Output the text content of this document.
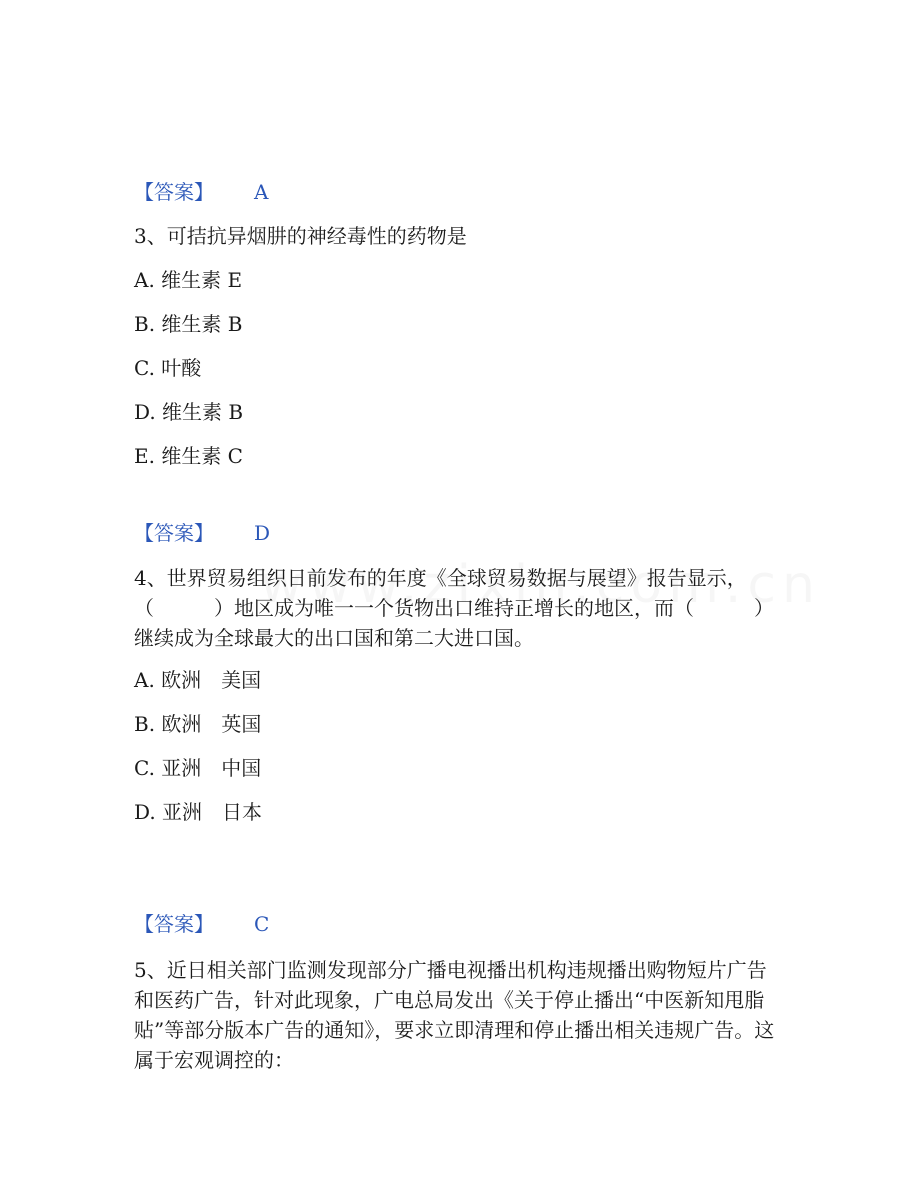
【答案】 A
3、可拮抗异烟肼的神经毒性的药物是
A. 维生素 E
B. 维生素 B
C. 叶酸
D. 维生素 B
E. 维生素 C
【答案】 D
4、世界贸易组织日前发布的年度《全球贸易数据与展望》报告显示，（　　　）地区成为唯一一个货物出口维持正增长的地区，而（　　　）继续成为全球最大的出口国和第二大进口国。
A. 欧洲　美国
B. 欧洲　英国
C. 亚洲　中国
D. 亚洲　日本
【答案】 C
5、近日相关部门监测发现部分广播电视播出机构违规播出购物短片广告和医药广告，针对此现象，广电总局发出《关于停止播出“中医新知甩脂贴”等部分版本广告的通知》，要求立即清理和停止播出相关违规广告。这属于宏观调控的：
